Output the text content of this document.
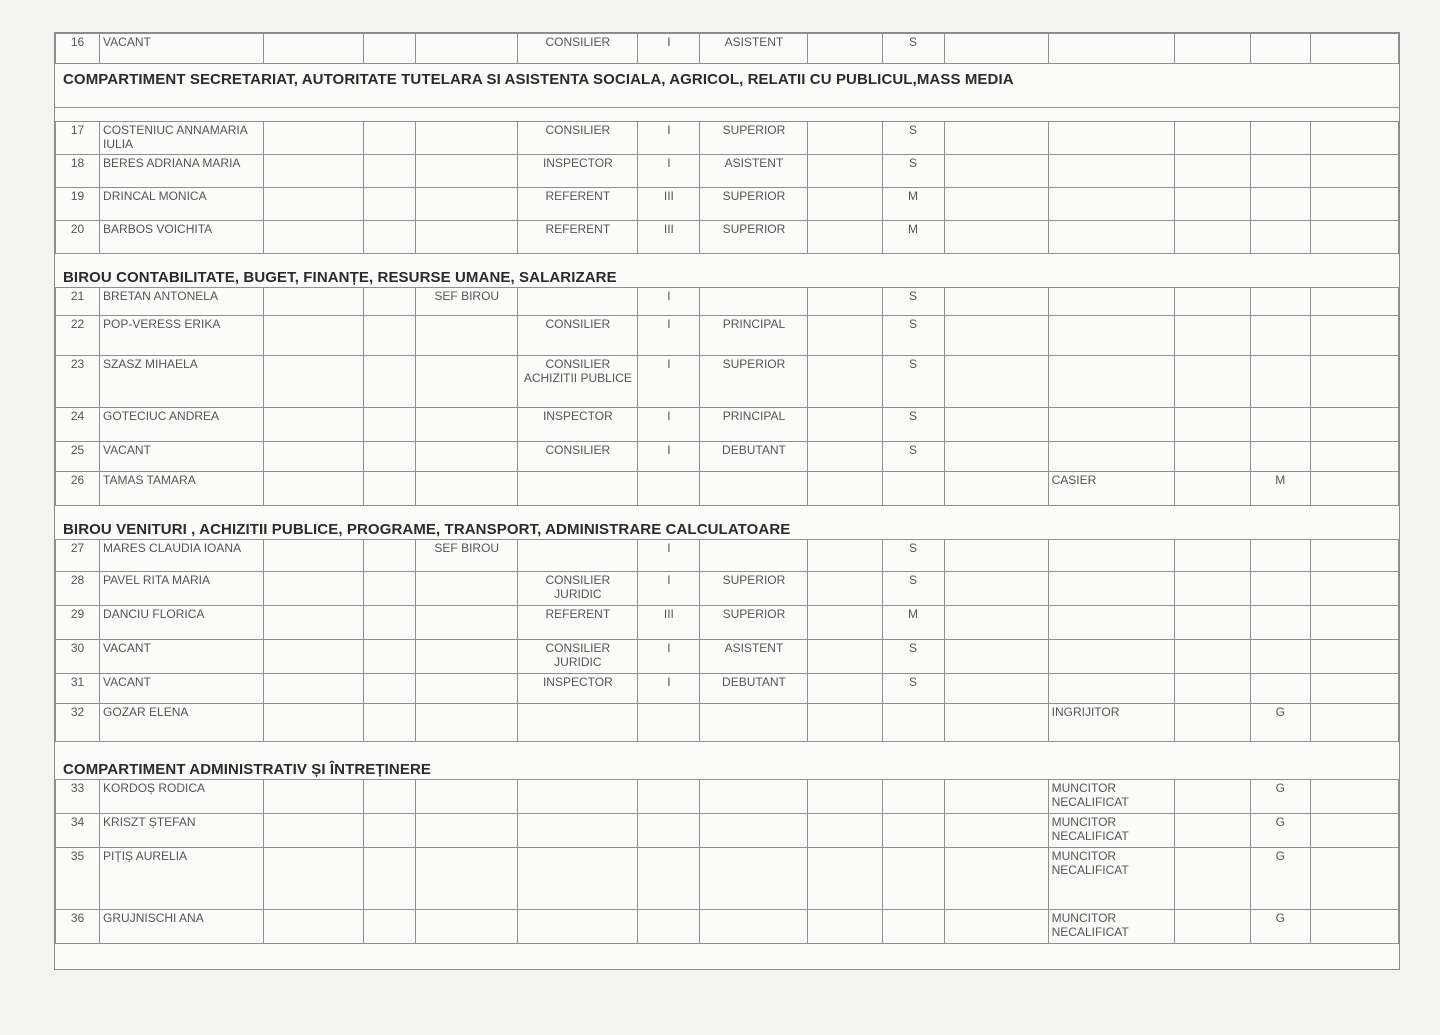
16	VACANT				CONSILIER	I	ASISTENT		S					
COMPARTIMENT SECRETARIAT, AUTORITATE TUTELARA SI ASISTENTA SOCIALA, AGRICOL, RELATII CU PUBLICUL,MASS MEDIA
17	COSTENIUC ANNAMARIA IULIA				CONSILIER	I	SUPERIOR		S					
18	BERES ADRIANA MARIA				INSPECTOR	I	ASISTENT		S					
19	DRINCAL MONICA				REFERENT	III	SUPERIOR		M					
20	BARBOS VOICHITA				REFERENT	III	SUPERIOR		M					
BIROU CONTABILITATE, BUGET, FINANȚE, RESURSE UMANE, SALARIZARE
21	BRETAN ANTONELA			SEF BIROU		I			S					
22	POP-VERESS ERIKA				CONSILIER	I	PRINCIPAL		S					
23	SZASZ MIHAELA				CONSILIER ACHIZITII PUBLICE	I	SUPERIOR		S					
24	GOTECIUC ANDREA				INSPECTOR	I	PRINCIPAL		S					
25	VACANT				CONSILIER	I	DEBUTANT		S					
26	TAMAS TAMARA										CASIER		M	
BIROU VENITURI , ACHIZITII PUBLICE, PROGRAME, TRANSPORT, ADMINISTRARE CALCULATOARE
27	MARES CLAUDIA IOANA			SEF BIROU		I			S					
28	PAVEL RITA MARIA				CONSILIER JURIDIC	I	SUPERIOR		S					
29	DANCIU FLORICA				REFERENT	III	SUPERIOR		M					
30	VACANT				CONSILIER JURIDIC	I	ASISTENT		S					
31	VACANT				INSPECTOR	I	DEBUTANT		S					
32	GOZAR ELENA										INGRIJITOR		G	
COMPARTIMENT ADMINISTRATIV ȘI ÎNTREȚINERE
33	KORDOȘ RODICA										MUNCITOR NECALIFICAT		G	
34	KRISZT ȘTEFAN										MUNCITOR NECALIFICAT		G	
35	PIȚIȘ AURELIA										MUNCITOR NECALIFICAT		G	
36	GRUJNISCHI ANA										MUNCITOR NECALIFICAT		G	
